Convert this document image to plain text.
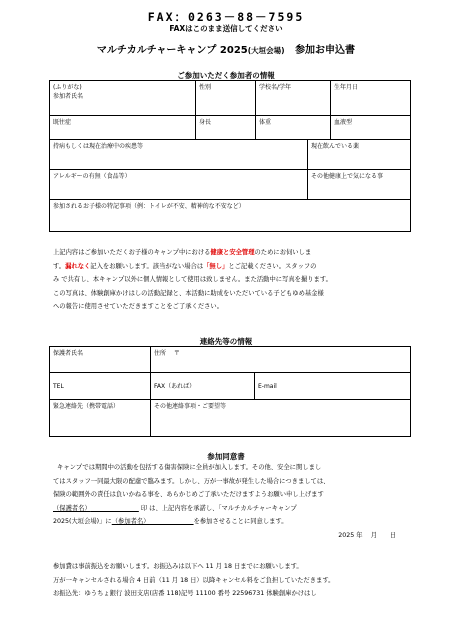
FAX：0263－88－7595
FAXはこのまま送信してください
マルチカルチャーキャンプ 2025(大垣会場) 参加お申込書
ご参加いただく参加者の情報
(ふりがな)
参加者氏名	性別	学校名/学年		生年月日
既往症	身長	体重		血液型
持病もしくは現在治療中の疾患等			現在飲んでいる薬	
アレルギーの有無（食品等）			その他健康上で気になる事	
参加されるお子様の特記事項（例：トイレが不安、精神的な不安など）				
上記内容はご参加いただくお子様のキャンプ中における健康と安全管理のためにお伺いしま
す。漏れなく記入をお願いします。該当がない場合は「無し」とご記載ください。スタッフの
み で共有し、本キャンプ以外に個人情報として使用は致しません。また活動中に写真を撮ります。
この写真は、体験創庫かけはしの活動記録と、本活動に助成をいただいている子どもゆめ基金様
への報告に使用させていただきますことをご了承ください。
連絡先等の情報
保護者氏名	住所 　〒	
TEL	FAX（あれば）	E-mail
緊急連絡先（携帯電話）	その他連絡事項・ご要望等	
参加同意書
キャンプでは期間中の活動を包括する傷害保険に全員が加入します。その他、安全に関しまし
てはスタッフ一同最大限の配慮で臨みます。しかし、万が一事故が発生した場合につきましては、
保険の範囲外の責任は負いかねる事を、あらかじめご了承いただけますようお願い申し上げます
（保護者名）	印 は、上記内容を承諾し、「マルチカルチャーキャンプ
2025(大垣会場)」に（参加者名）	を参加させることに同意します。
2025 年　 月　　日
参加費は事前振込をお願いします。お振込みは以下へ 11 月 18 日までにお願いします。
万が一キャンセルされる場合 4 日前（11 月 18 日）以降キャンセル料をご負担していただきます。
お振込先：ゆうちょ銀行 波田支店(店番 118)記号 11100 番号 22596731 体験創庫かけはし
